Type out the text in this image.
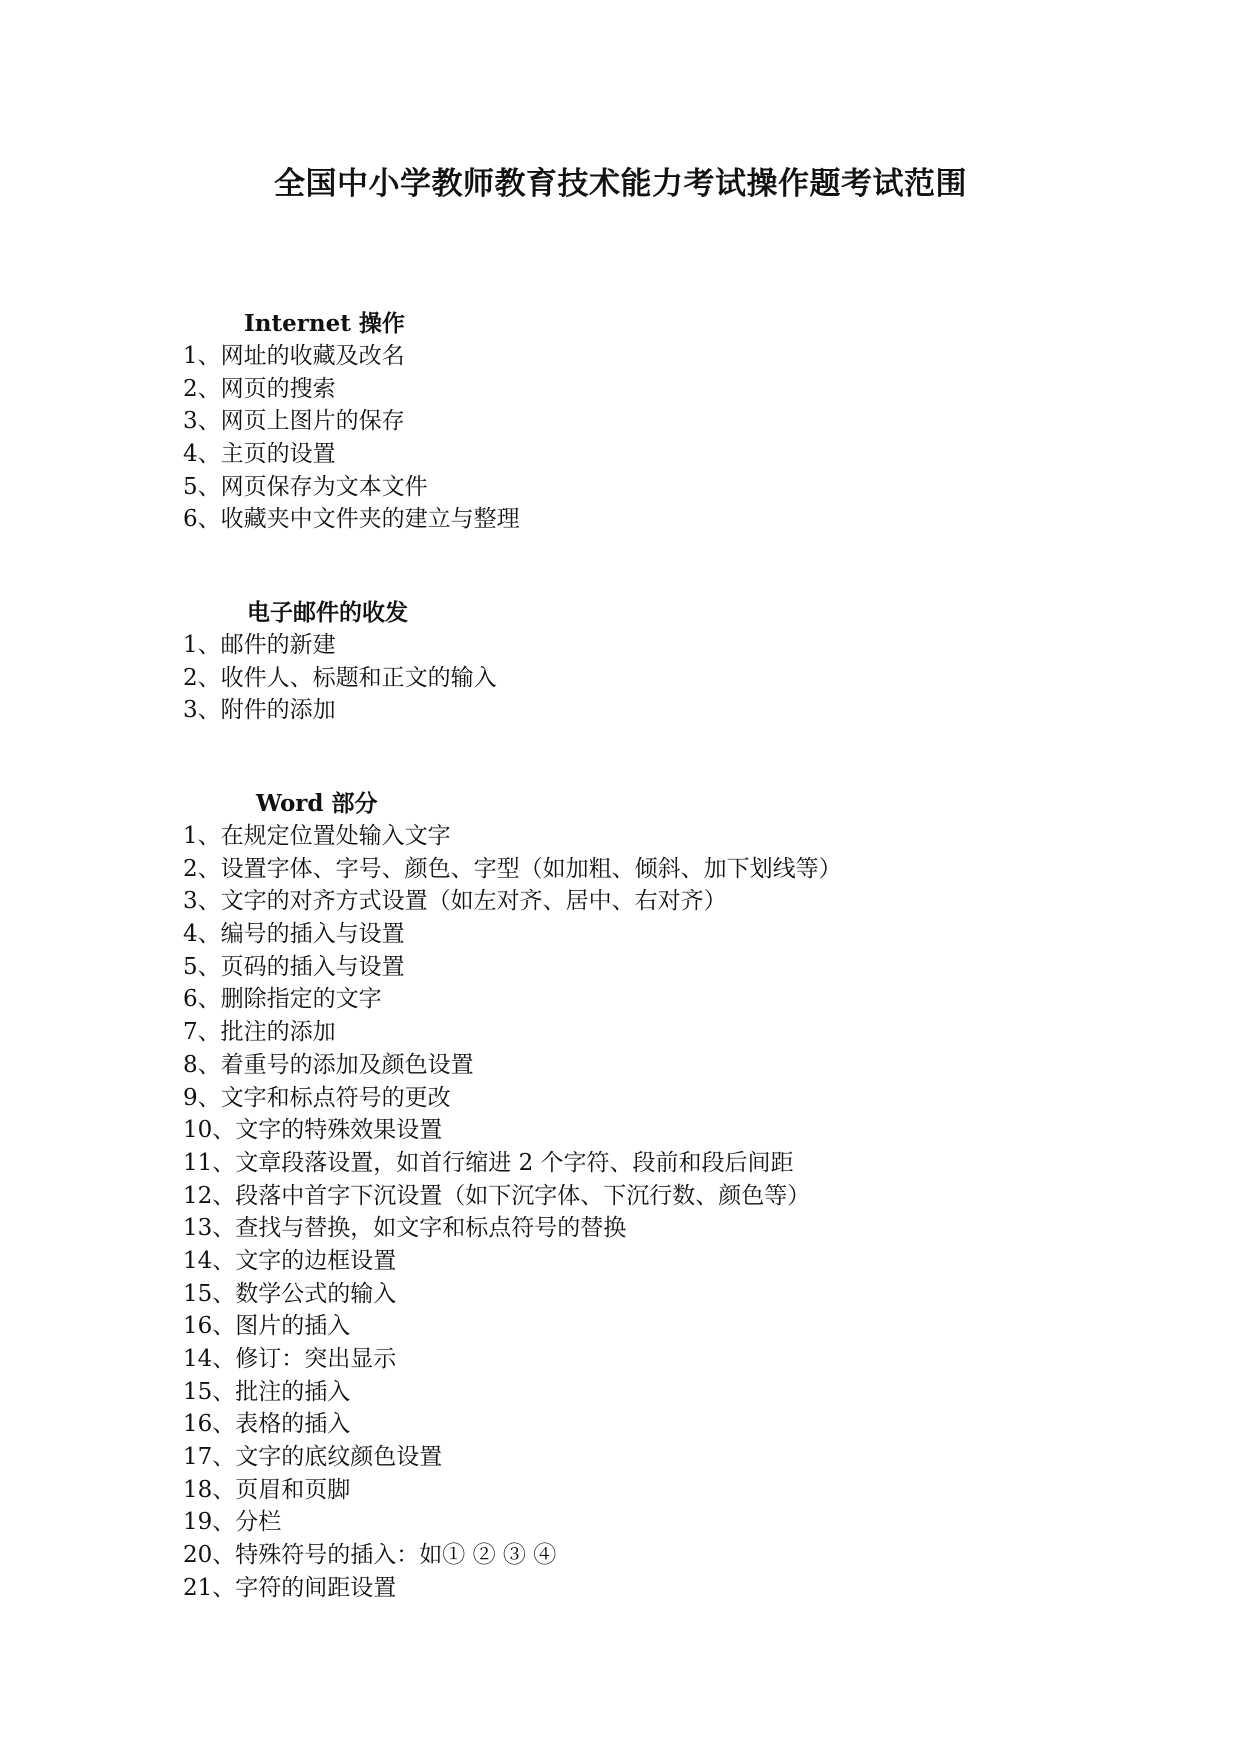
全国中小学教师教育技术能力考试操作题考试范围
Internet 操作
1、网址的收藏及改名
2、网页的搜索
3、网页上图片的保存
4、主页的设置
5、网页保存为文本文件
6、收藏夹中文件夹的建立与整理
电子邮件的收发
1、邮件的新建
2、收件人、标题和正文的输入
3、附件的添加
Word 部分
1、在规定位置处输入文字
2、设置字体、字号、颜色、字型（如加粗、倾斜、加下划线等）
3、文字的对齐方式设置（如左对齐、居中、右对齐）
4、编号的插入与设置
5、页码的插入与设置
6、删除指定的文字
7、批注的添加
8、着重号的添加及颜色设置
9、文字和标点符号的更改
10、文字的特殊效果设置
11、文章段落设置，如首行缩进 2 个字符、段前和段后间距
12、段落中首字下沉设置（如下沉字体、下沉行数、颜色等）
13、查找与替换，如文字和标点符号的替换
14、文字的边框设置
15、数学公式的输入
16、图片的插入
14、修订：突出显示
15、批注的插入
16、表格的插入
17、文字的底纹颜色设置
18、页眉和页脚
19、分栏
20、特殊符号的插入：如① ② ③ ④
21、字符的间距设置
